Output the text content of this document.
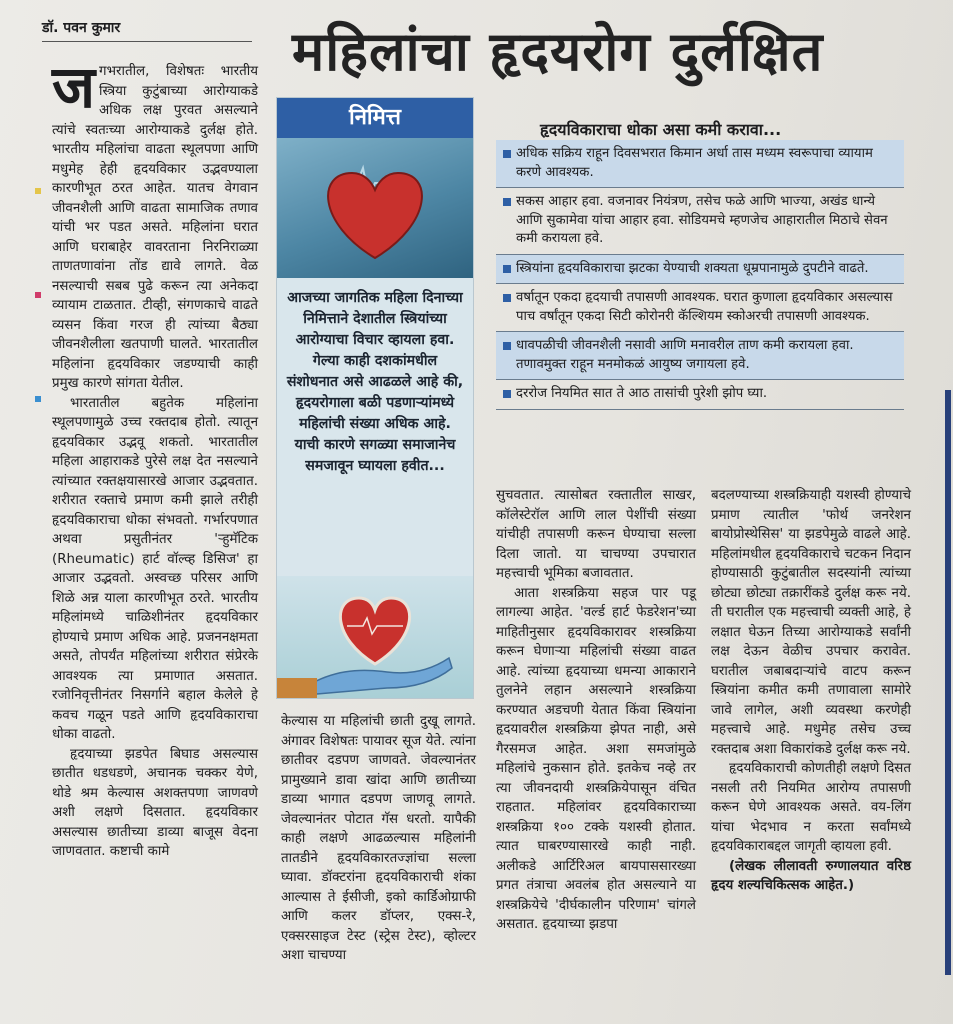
डॉ. पवन कुमार	महिलांचा हृदयरोग दुर्लक्षित

जगभरातील, विशेषतः भारतीय स्त्रिया कुटुंबाच्या आरोग्याकडे अधिक लक्ष पुरवत असल्याने त्यांचे स्वतःच्या आरोग्याकडे दुर्लक्ष होते. भारतीय महिलांचा वाढता स्थूलपणा आणि मधुमेह हेही हृदयविकार उद्भवण्याला कारणीभूत ठरत आहेत. यातच वेगवान जीवनशैली आणि वाढता सामाजिक तणाव यांची भर पडत असते. महिलांना घरात आणि घराबाहेर वावरताना निरनिराळ्या ताणतणावांना तोंड द्यावे लागते. वेळ नसल्याची सबब पुढे करून त्या अनेकदा व्यायाम टाळतात. टीव्ही, संगणकाचे वाढते व्यसन किंवा गरज ही त्यांच्या बैठ्या जीवनशैलीला खतपाणी घालते. भारतातील महिलांना हृदयविकार जडण्याची काही प्रमुख कारणे सांगता येतील.

भारतातील बहुतेक महिलांना स्थूलपणामुळे उच्च रक्तदाब होतो. त्यातून हृदयविकार उद्भवू शकतो. भारतातील महिला आहाराकडे पुरेसे लक्ष देत नसल्याने त्यांच्यात रक्तक्षयासारखे आजार उद्भवतात. शरीरात रक्ताचे प्रमाण कमी झाले तरीही हृदयविकाराचा धोका संभवतो. गर्भारपणात अथवा प्रसुतीनंतर 'ऱ्हुमॅटिक (Rheumatic) हार्ट वॉल्व्ह डिसिज' हा आजार उद्भवतो. अस्वच्छ परिसर आणि शिळे अन्न याला कारणीभूत ठरते. भारतीय महिलांमध्ये चाळिशीनंतर हृदयविकार होण्याचे प्रमाण अधिक आहे. प्रजननक्षमता असते, तोपर्यंत महिलांच्या शरीरात संप्रेरके आवश्यक त्या प्रमाणात असतात. रजोनिवृत्तीनंतर निसर्गाने बहाल केलेले हे कवच गळून पडते आणि हृदयविकाराचा धोका वाढतो.

हृदयाच्या झडपेत बिघाड असल्यास छातीत धडधडणे, अचानक चक्कर येणे, थोडे श्रम केल्यास अशक्तपणा जाणवणे अशी लक्षणे दिसतात. हृदयविकार असल्यास छातीच्या डाव्या बाजूस वेदना जाणवतात. कष्टाची कामे

निमित्त
आजच्या जागतिक महिला दिनाच्या निमित्ताने देशातील स्त्रियांच्या आरोग्याचा विचार व्हायला हवा. गेल्या काही दशकांमधील संशोधनात असे आढळले आहे की, हृदयरोगाला बळी पडणाऱ्यांमध्ये महिलांची संख्या अधिक आहे. याची कारणे सगळ्या समाजानेच समजावून घ्यायला हवीत...
हृदयविकाराचा धोका असा कमी करावा...
अधिक सक्रिय राहून दिवसभरात किमान अर्धा तास मध्यम स्वरूपाचा व्यायाम करणे आवश्यक.
सकस आहार हवा. वजनावर नियंत्रण, तसेच फळे आणि भाज्या, अखंड धान्ये आणि सुकामेवा यांचा आहार हवा. सोडियमचे म्हणजेच आहारातील मिठाचे सेवन कमी करायला हवे.
स्त्रियांना हृदयविकाराचा झटका येण्याची शक्यता धूम्रपानामुळे दुपटीने वाढते.
वर्षातून एकदा हृदयाची तपासणी आवश्यक. घरात कुणाला हृदयविकार असल्यास पाच वर्षांतून एकदा सिटी कोरोनरी कॅल्शियम स्कोअरची तपासणी आवश्यक.
धावपळीची जीवनशैली नसावी आणि मनावरील ताण कमी करायला हवा. तणावमुक्त राहून मनमोकळं आयुष्य जगायला हवे.
दररोज नियमित सात ते आठ तासांची पुरेशी झोप घ्या.

केल्यास या महिलांची छाती दुखू लागते. अंगावर विशेषतः पायावर सूज येते. त्यांना छातीवर दडपण जाणवते. जेवल्यानंतर प्रामुख्याने डावा खांदा आणि छातीच्या डाव्या भागात दडपण जाणवू लागते. जेवल्यानंतर पोटात गॅस धरतो. यापैकी काही लक्षणे आढळल्यास महिलांनी तातडीने हृदयविकारतज्ज्ञांचा सल्ला घ्यावा. डॉक्टरांना हृदयविकाराची शंका आल्यास ते ईसीजी, इको कार्डिओग्राफी आणि कलर डॉप्लर, एक्स-रे, एक्सरसाइज टेस्ट (स्ट्रेस टेस्ट), व्होल्टर अशा चाचण्या

सुचवतात. त्यासोबत रक्तातील साखर, कॉलेस्टेरॉल आणि लाल पेशींची संख्या यांचीही तपासणी करून घेण्याचा सल्ला दिला जातो. या चाचण्या उपचारात महत्त्वाची भूमिका बजावतात.

आता शस्त्रक्रिया सहज पार पडू लागल्या आहेत. 'वर्ल्ड हार्ट फेडरेशन'च्या माहितीनुसार हृदयविकारावर शस्त्रक्रिया करून घेणाऱ्या महिलांची संख्या वाढत आहे. त्यांच्या हृदयाच्या धमन्या आकाराने तुलनेने लहान असल्याने शस्त्रक्रिया करण्यात अडचणी येतात किंवा स्त्रियांना हृदयावरील शस्त्रक्रिया झेपत नाही, असे गैरसमज आहेत. अशा समजांमुळे महिलांचे नुकसान होते. इतकेच नव्हे तर त्या जीवनदायी शस्त्रक्रियेपासून वंचित राहतात. महिलांवर हृदयविकाराच्या शस्त्रक्रिया १०० टक्के यशस्वी होतात. त्यात घाबरण्यासारखे काही नाही. अलीकडे आर्टिरिअल बायपाससारख्या प्रगत तंत्राचा अवलंब होत असल्याने या शस्त्रक्रियेचे 'दीर्घकालीन परिणाम' चांगले असतात. हृदयाच्या झडपा

बदलण्याच्या शस्त्रक्रियाही यशस्वी होण्याचे प्रमाण त्यातील 'फोर्थ जनरेशन बायोप्रोस्थेसिस' या झडपेमुळे वाढले आहे. महिलांमधील हृदयविकाराचे चटकन निदान होण्यासाठी कुटुंबातील सदस्यांनी त्यांच्या छोट्या छोट्या तक्रारींकडे दुर्लक्ष करू नये. ती घरातील एक महत्त्वाची व्यक्ती आहे, हे लक्षात घेऊन तिच्या आरोग्याकडे सर्वांनी लक्ष देऊन वेळीच उपचार करावेत. घरातील जबाबदाऱ्यांचे वाटप करून स्त्रियांना कमीत कमी तणावाला सामोरे जावे लागेल, अशी व्यवस्था करणेही महत्त्वाचे आहे. मधुमेह तसेच उच्च रक्तदाब अशा विकारांकडे दुर्लक्ष करू नये.

हृदयविकाराची कोणतीही लक्षणे दिसत नसली तरी नियमित आरोग्य तपासणी करून घेणे आवश्यक असते. वय-लिंग यांचा भेदभाव न करता सर्वांमध्ये हृदयविकाराबद्दल जागृती व्हायला हवी.

(लेखक लीलावती रुग्णालयात वरिष्ठ हृदय शल्यचिकित्सक आहेत.)
